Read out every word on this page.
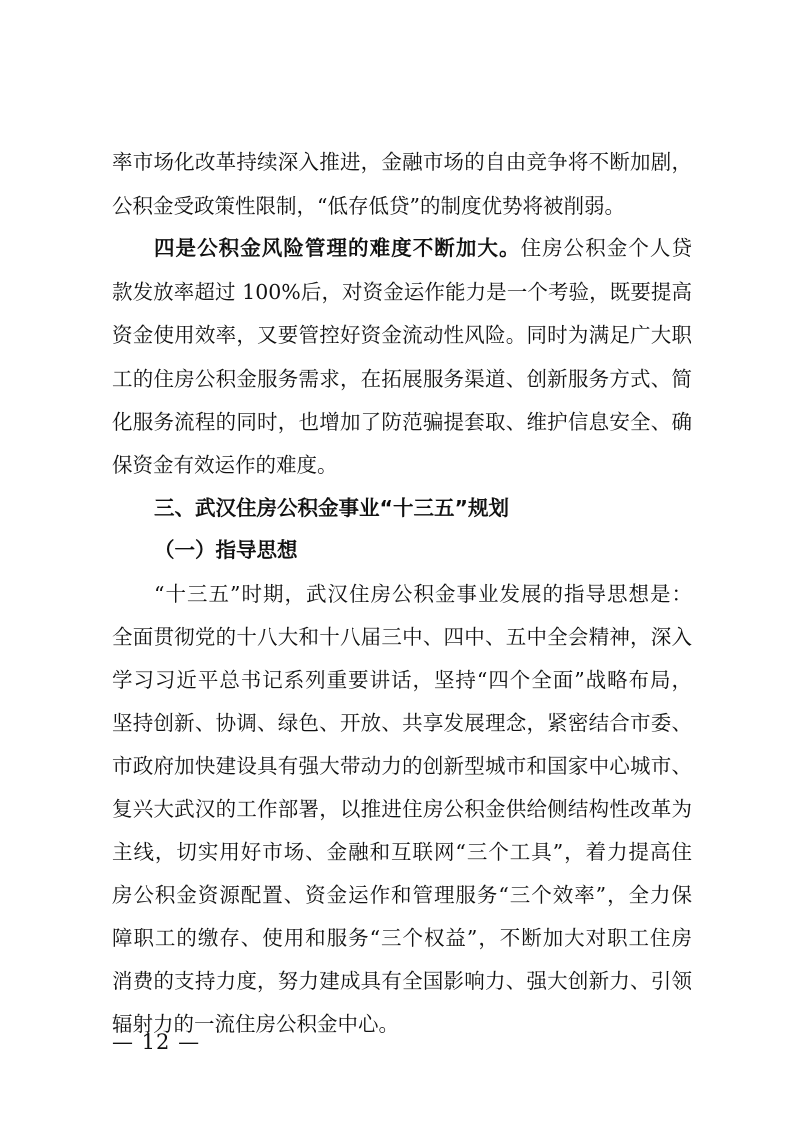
率市场化改革持续深入推进，金融市场的自由竞争将不断加剧，
公积金受政策性限制，“低存低贷”的制度优势将被削弱。
四是公积金风险管理的难度不断加大。住房公积金个人贷
款发放率超过 100%后，对资金运作能力是一个考验，既要提高
资金使用效率，又要管控好资金流动性风险。同时为满足广大职
工的住房公积金服务需求，在拓展服务渠道、创新服务方式、简
化服务流程的同时，也增加了防范骗提套取、维护信息安全、确
保资金有效运作的难度。
三、武汉住房公积金事业“十三五”规划
（一）指导思想
“十三五”时期，武汉住房公积金事业发展的指导思想是：
全面贯彻党的十八大和十八届三中、四中、五中全会精神，深入
学习习近平总书记系列重要讲话，坚持“四个全面”战略布局，
坚持创新、协调、绿色、开放、共享发展理念，紧密结合市委、
市政府加快建设具有强大带动力的创新型城市和国家中心城市、
复兴大武汉的工作部署，以推进住房公积金供给侧结构性改革为
主线，切实用好市场、金融和互联网“三个工具”，着力提高住
房公积金资源配置、资金运作和管理服务“三个效率”，全力保
障职工的缴存、使用和服务“三个权益”，不断加大对职工住房
消费的支持力度，努力建成具有全国影响力、强大创新力、引领
辐射力的一流住房公积金中心。
— 12 —
